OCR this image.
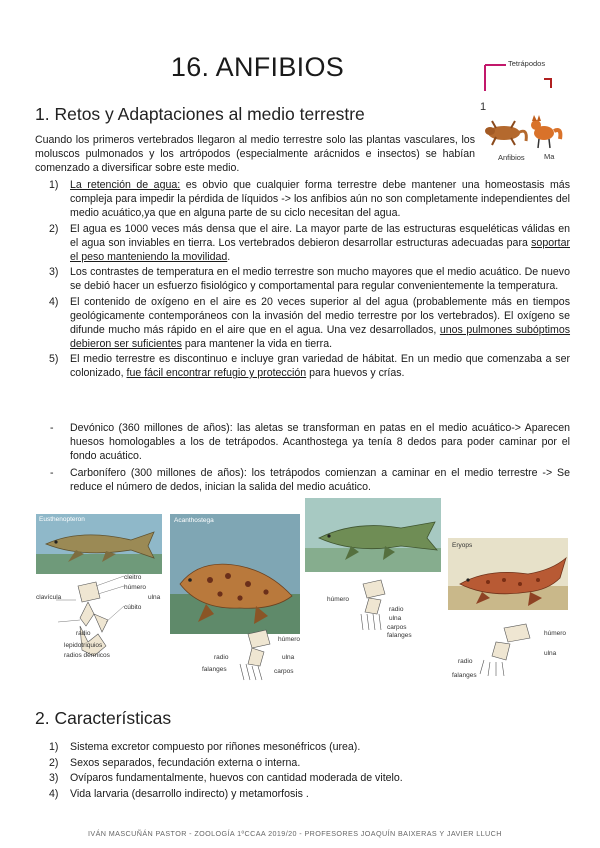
16. ANFIBIOS	Tetrápodos
1
Anfibios	Ma
1. Retos y Adaptaciones al medio terrestre
Cuando los primeros vertebrados llegaron al medio terrestre solo las plantas vasculares, los moluscos pulmonados y los artrópodos (especialmente arácnidos e insectos) se habían comenzado a diversificar sobre este medio.
1) La retención de agua: es obvio que cualquier forma terrestre debe mantener una homeostasis más compleja para impedir la pérdida de líquidos -> los anfibios aún no son completamente independientes del medio acuático,ya que en alguna parte de su ciclo necesitan del agua.
2) El agua es 1000 veces más densa que el aire. La mayor parte de las estructuras esqueléticas válidas en el agua son inviables en tierra. Los vertebrados debieron desarrollar estructuras adecuadas para soportar el peso manteniendo la movilidad.
3) Los contrastes de temperatura en el medio terrestre son mucho mayores que el medio acuático. De nuevo se debió hacer un esfuerzo fisiológico y comportamental para regular convenientemente la temperatura.
4) El contenido de oxígeno en el aire es 20 veces superior al del agua (probablemente más en tiempos geológicamente contemporáneos con la invasión del medio terrestre por los vertebrados). El oxígeno se difunde mucho más rápido en el aire que en el agua. Una vez desarrollados, unos pulmones subóptimos debieron ser suficientes para mantener la vida en tierra.
5) El medio terrestre es discontinuo e incluye gran variedad de hábitat. En un medio que comenzaba a ser colonizado, fue fácil encontrar refugio y protección para huevos y crías.
- Devónico (360 millones de años): las aletas se transforman en patas en el medio acuático-> Aparecen huesos homologables a los de tetrápodos. Acanthostega ya tenía 8 dedos para poder caminar por el fondo acuático.
- Carbonífero (300 millones de años): los tetrápodos comienzan a caminar en el medio terrestre -> Se reduce el número de dedos, inician la salida del medio acuático.
Eusthenopteron
cleitro
húmero
ulna
cúbito
clavícula
radio
lepidotriquios
radios dérmicos
Acanthostega
húmero
radio	ulna
falanges	carpos
húmero
radio
ulna
carpos
falanges
Eryops
húmero
radio
ulna
falanges
2. Características
1) Sistema excretor compuesto por riñones mesonéfricos (urea).
2) Sexos separados, fecundación externa o interna.
3) Ovíparos fundamentalmente, huevos con cantidad moderada de vitelo.
4) Vida larvaria (desarrollo indirecto) y metamorfosis .
IVÁN MASCUÑÁN PASTOR - ZOOLOGÍA 1ºCCAA 2019/20 - PROFESORES JOAQUÍN BAIXERAS Y JAVIER LLUCH
